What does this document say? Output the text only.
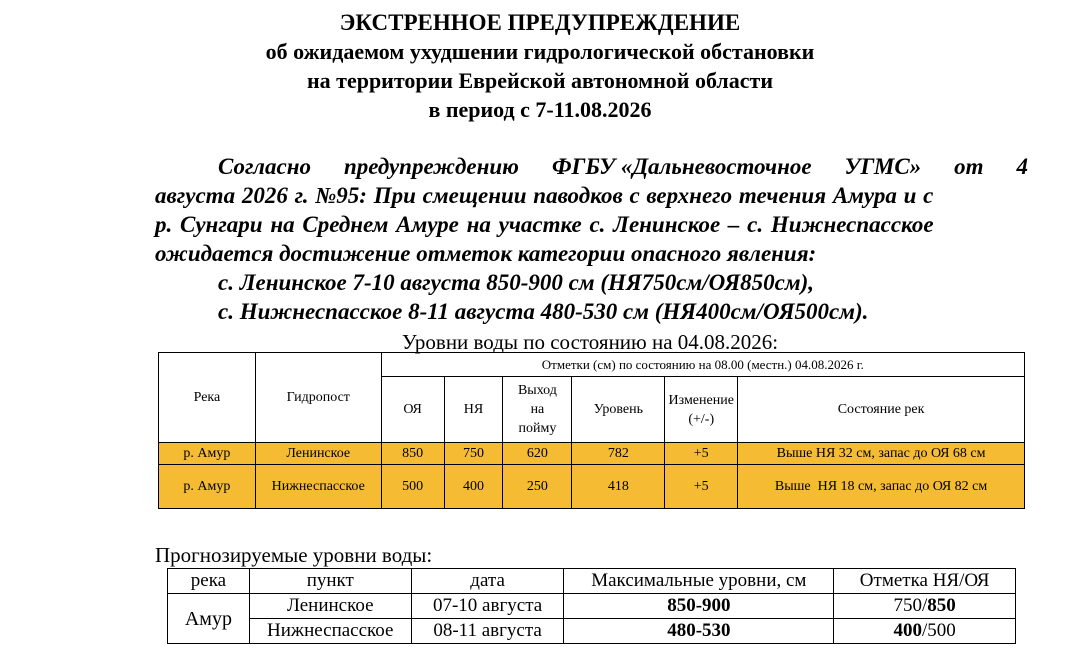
ЭКСТРЕННОЕ ПРЕДУПРЕЖДЕНИЕ
об ожидаемом ухудшении гидрологической обстановки
на территории Еврейской автономной области
в период с 7-11.08.2026
Согласно предупреждению ФГБУ «Дальневосточное УГМС» от 4
августа 2026 г. №95: При смещении паводков с верхнего течения Амура и с
р. Сунгари на Среднем Амуре на участке с. Ленинское – с. Нижнеспасское
ожидается достижение отметок категории опасного явления:
с. Ленинское 7-10 августа 850-900 см (НЯ750см/ОЯ850см),
с. Нижнеспасское 8-11 августа 480-530 см (НЯ400см/ОЯ500см).
Уровни воды по состоянию на 04.08.2026:
Река	Гидропост	Отметки (см) по состоянию на 08.00 (местн.) 04.08.2026 г.					
		ОЯ	НЯ	Выход на пойму	Уровень	Изменение (+/-)	Состояние рек
р. Амур	Ленинское	850	750	620	782	+5	Выше НЯ 32 см, запас до ОЯ 68 см
р. Амур	Нижнеспасское	500	400	250	418	+5	Выше  НЯ 18 см, запас до ОЯ 82 см
Прогнозируемые уровни воды:
река	пункт	дата	Максимальные уровни, см	Отметка НЯ/ОЯ
Амур	Ленинское	07-10 августа	850-900	750/850
	Нижнеспасское	08-11 августа	480-530	400/500
